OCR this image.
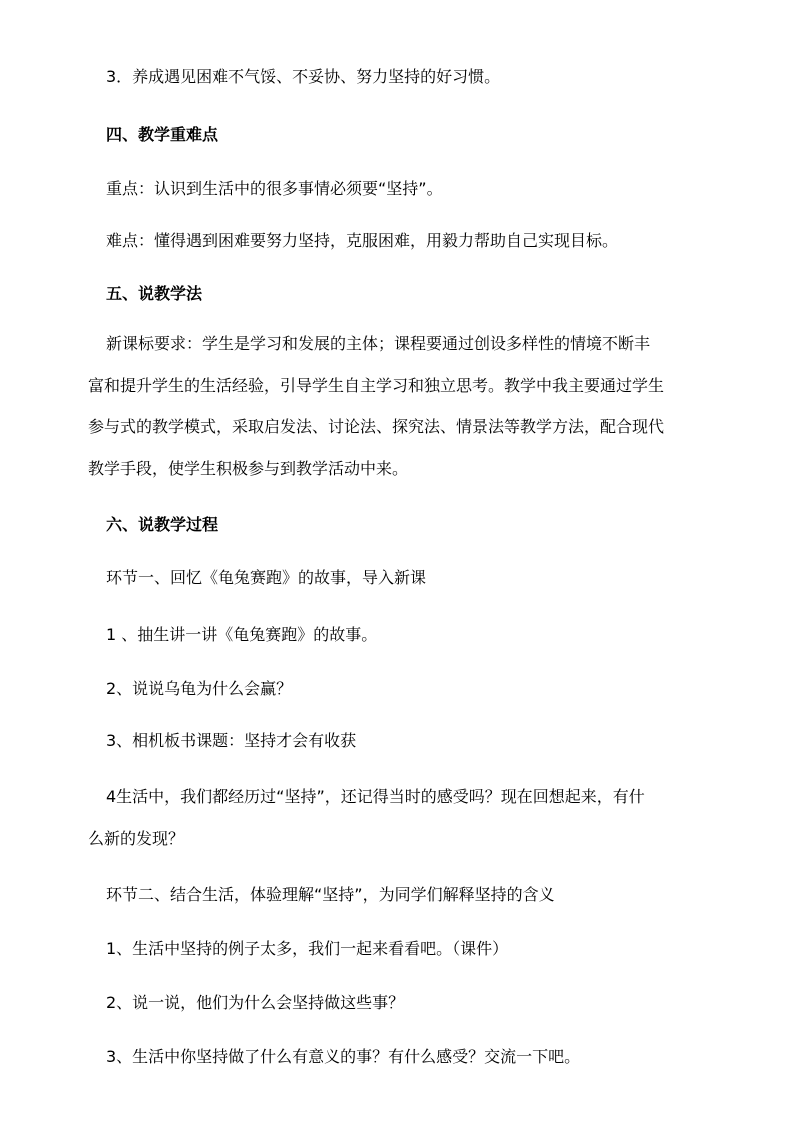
3．养成遇见困难不气馁、不妥协、努力坚持的好习惯。
四、教学重难点
重点：认识到生活中的很多事情必须要“坚持”。
难点：懂得遇到困难要努力坚持，克服困难，用毅力帮助自己实现目标。
五、说教学法
新课标要求：学生是学习和发展的主体；课程要通过创设多样性的情境不断丰
富和提升学生的生活经验，引导学生自主学习和独立思考。教学中我主要通过学生
参与式的教学模式，采取启发法、讨论法、探究法、情景法等教学方法，配合现代
教学手段，使学生积极参与到教学活动中来。
六、说教学过程
环节一、回忆《龟兔赛跑》的故事，导入新课
1 、抽生讲一讲《龟兔赛跑》的故事。
2、说说乌龟为什么会赢？
3、相机板书课题：坚持才会有收获
4生活中，我们都经历过“坚持”，还记得当时的感受吗？现在回想起来，有什
么新的发现？
环节二、结合生活，体验理解“坚持”，为同学们解释坚持的含义
1、生活中坚持的例子太多，我们一起来看看吧。（课件）
2、说一说，他们为什么会坚持做这些事？
3、生活中你坚持做了什么有意义的事？有什么感受？交流一下吧。
